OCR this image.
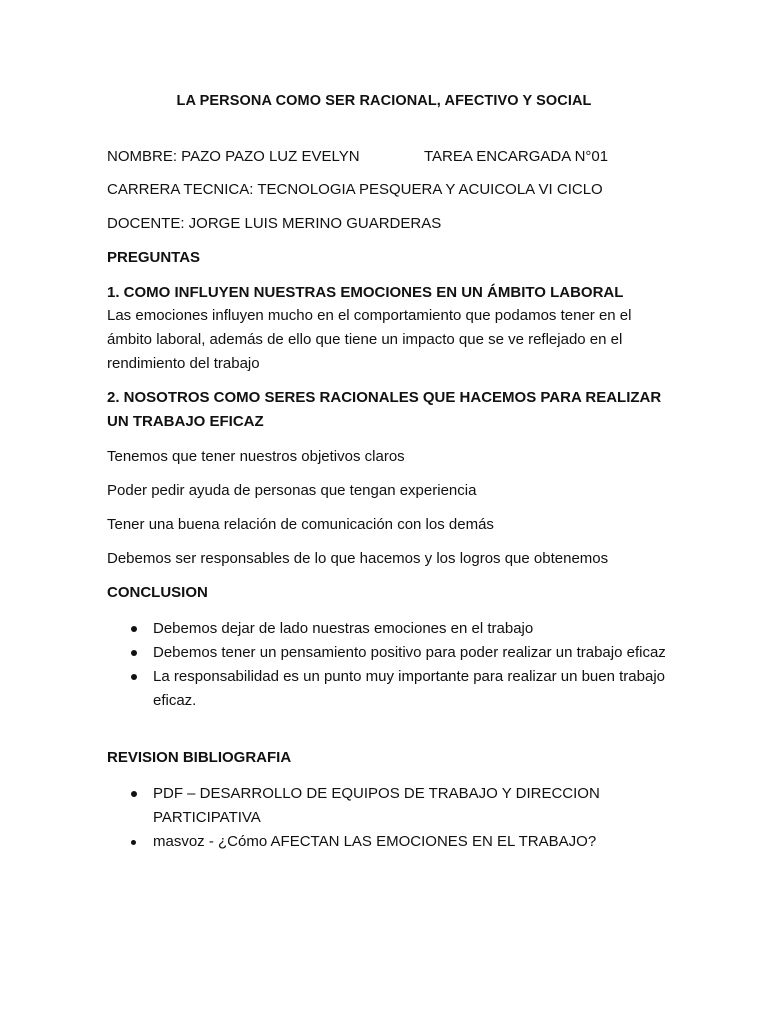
LA PERSONA COMO SER RACIONAL, AFECTIVO Y SOCIAL
NOMBRE: PAZO PAZO LUZ EVELYN	TAREA ENCARGADA N°01
CARRERA TECNICA: TECNOLOGIA PESQUERA Y ACUICOLA VI CICLO
DOCENTE: JORGE LUIS MERINO GUARDERAS
PREGUNTAS
1. COMO INFLUYEN NUESTRAS EMOCIONES EN UN ÁMBITO LABORAL
Las emociones influyen mucho en el comportamiento que podamos tener en el ámbito laboral, además de ello que tiene un impacto que se ve reflejado en el rendimiento del trabajo
2. NOSOTROS COMO SERES RACIONALES QUE HACEMOS PARA REALIZAR UN TRABAJO EFICAZ
Tenemos que tener nuestros objetivos claros
Poder pedir ayuda de personas que tengan experiencia
Tener una buena relación de comunicación con los demás
Debemos ser responsables de lo que hacemos y los logros que obtenemos
CONCLUSION
Debemos dejar de lado nuestras emociones en el trabajo
Debemos tener un pensamiento positivo para poder realizar un trabajo eficaz
La responsabilidad es un punto muy importante para realizar un buen trabajo eficaz.
REVISION BIBLIOGRAFIA
PDF – DESARROLLO DE EQUIPOS DE TRABAJO Y DIRECCION PARTICIPATIVA
masvoz - ¿Cómo AFECTAN LAS EMOCIONES EN EL TRABAJO?
